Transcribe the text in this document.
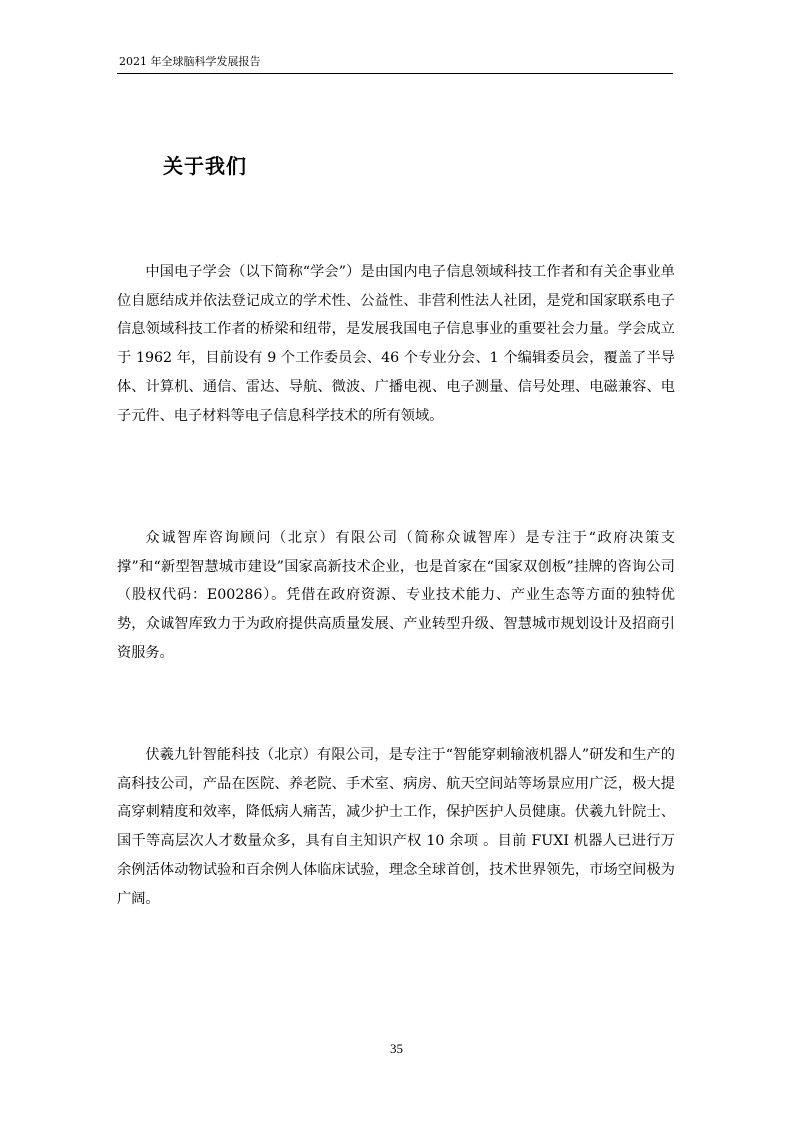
2021 年全球脑科学发展报告
关于我们

中国电子学会（以下简称“学会”）是由国内电子信息领域科技工作者和有关企事业单位自愿结成并依法登记成立的学术性、公益性、非营利性法人社团，是党和国家联系电子信息领域科技工作者的桥梁和纽带，是发展我国电子信息事业的重要社会力量。学会成立于 1962 年，目前设有 9 个工作委员会、46 个专业分会、1 个编辑委员会，覆盖了半导体、计算机、通信、雷达、导航、微波、广播电视、电子测量、信号处理、电磁兼容、电子元件、电子材料等电子信息科学技术的所有领域。

众诚智库咨询顾问（北京）有限公司（简称众诚智库）是专注于“政府决策支撑”和“新型智慧城市建设”国家高新技术企业，也是首家在“国家双创板”挂牌的咨询公司（股权代码：E00286）。凭借在政府资源、专业技术能力、产业生态等方面的独特优势，众诚智库致力于为政府提供高质量发展、产业转型升级、智慧城市规划设计及招商引资服务。

伏羲九针智能科技（北京）有限公司，是专注于“智能穿刺输液机器人”研发和生产的高科技公司，产品在医院、养老院、手术室、病房、航天空间站等场景应用广泛，极大提高穿刺精度和效率，降低病人痛苦，减少护士工作，保护医护人员健康。伏羲九针院士、国千等高层次人才数量众多，具有自主知识产权 10 余项 。目前 FUXI 机器人已进行万余例活体动物试验和百余例人体临床试验，理念全球首创，技术世界领先，市场空间极为广阔。

35
